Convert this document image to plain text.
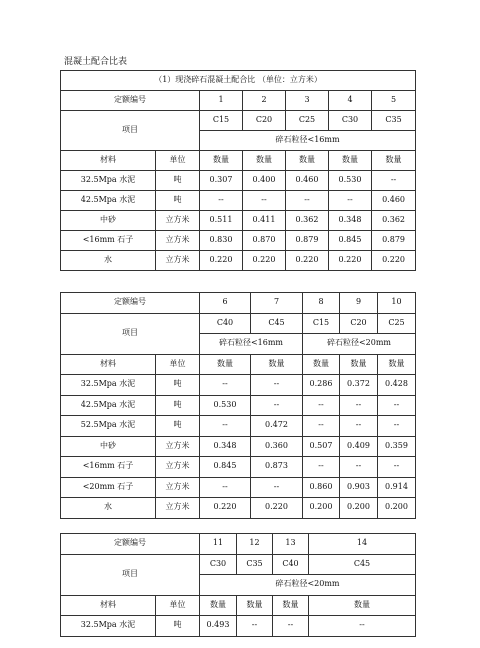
混凝土配合比表
（1）现浇碎石混凝土配合比 （单位：立方米）						
定额编号		1	2	3	4	5
项目		C15	C20	C25	C30	C35
		碎石粒径<16mm				
材料	单位	数量	数量	数量	数量	数量
32.5Mpa 水泥	吨	0.307	0.400	0.460	0.530	--
42.5Mpa 水泥	吨	--	--	--	--	0.460
中砂	立方米	0.511	0.411	0.362	0.348	0.362
<16mm 石子	立方米	0.830	0.870	0.879	0.845	0.879
水	立方米	0.220	0.220	0.220	0.220	0.220
定额编号		6	7	8	9	10
项目		C40	C45	C15	C20	C25
		碎石粒径<16mm		碎石粒径<20mm		
材料	单位	数量	数量	数量	数量	数量
32.5Mpa 水泥	吨	--	--	0.286	0.372	0.428
42.5Mpa 水泥	吨	0.530	--	--	--	--
52.5Mpa 水泥	吨	--	0.472	--	--	--
中砂	立方米	0.348	0.360	0.507	0.409	0.359
<16mm 石子	立方米	0.845	0.873	--	--	--
<20mm 石子	立方米	--	--	0.860	0.903	0.914
水	立方米	0.220	0.220	0.200	0.200	0.200
定额编号		11	12	13	14
项目		C30	C35	C40	C45
		碎石粒径<20mm			
材料	单位	数量	数量	数量	数量
32.5Mpa 水泥	吨	0.493	--	--	--
